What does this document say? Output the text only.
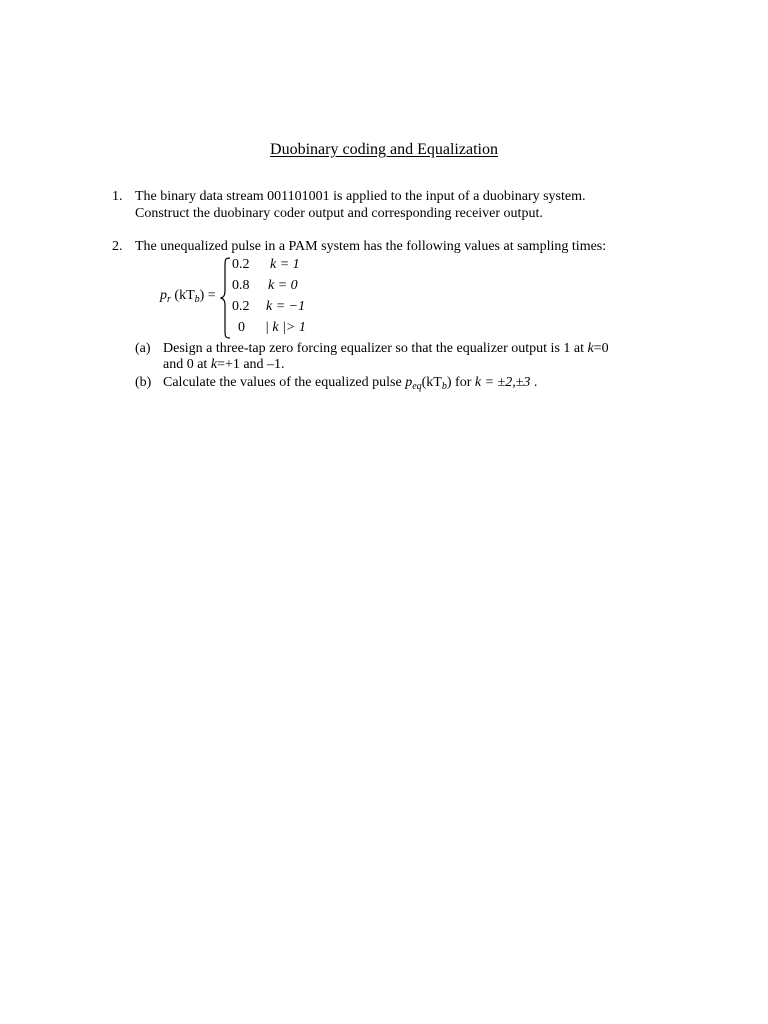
Duobinary coding and Equalization
1. The binary data stream 001101001 is applied to the input of a duobinary system.
Construct the duobinary coder output and corresponding receiver output.
2. The unequalized pulse in a PAM system has the following values at sampling times:
$p_r$ $(kT_b)$ =
0.2 k = 1
0.8 k = 0
0.2 k = −1
0 | k |> 1
(a) Design a three-tap zero forcing equalizer so that the equalizer output is 1 at k=0
and 0 at k=+1 and –1.
(b) Calculate the values of the equalized pulse $p_{eq}(kT_b)$ for k = ±2,±3 .
